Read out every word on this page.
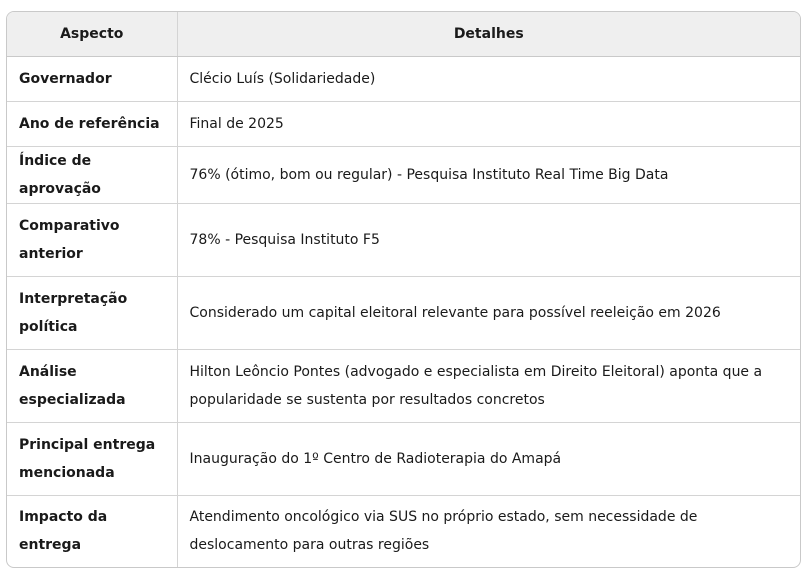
Aspecto	Detalhes
Governador	Clécio Luís (Solidariedade)
Ano de referência	Final de 2025
Índice de aprovação	76% (ótimo, bom ou regular) - Pesquisa Instituto Real Time Big Data
Comparativo anterior	78% - Pesquisa Instituto F5
Interpretação política	Considerado um capital eleitoral relevante para possível reeleição em 2026
Análise especializada	Hilton Leôncio Pontes (advogado e especialista em Direito Eleitoral) aponta que a popularidade se sustenta por resultados concretos
Principal entrega mencionada	Inauguração do 1º Centro de Radioterapia do Amapá
Impacto da entrega	Atendimento oncológico via SUS no próprio estado, sem necessidade de deslocamento para outras regiões
